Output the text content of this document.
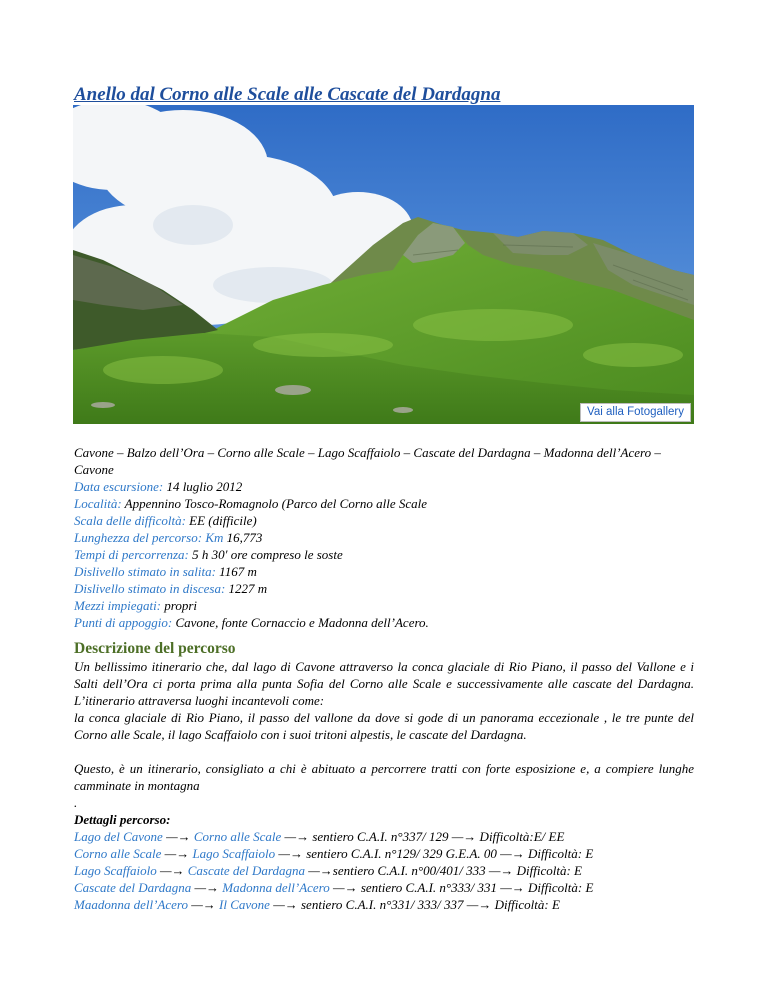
Anello dal Corno alle Scale alle Cascate del Dardagna
Vai alla Fotogallery
Cavone – Balzo dell’Ora – Corno alle Scale – Lago Scaffaiolo – Cascate del Dardagna – Madonna dell’Acero – Cavone
Data escursione: 14 luglio 2012
Località: Appennino Tosco-Romagnolo (Parco del Corno alle Scale
Scala delle difficoltà: EE (difficile)
Lunghezza del percorso: Km 16,773
Tempi di percorrenza: 5 h 30′ ore compreso le soste
Dislivello stimato in salita: 1167 m
Dislivello stimato in discesa: 1227 m
Mezzi impiegati: propri
Punti di appoggio: Cavone, fonte Cornaccio e Madonna dell’Acero.
Descrizione del percorso

Un bellissimo itinerario che, dal lago di Cavone attraverso la conca glaciale di Rio Piano, il passo del Vallone e i Salti dell’Ora ci porta prima alla punta Sofia del Corno alle Scale e successivamente alle cascate del Dardagna. L’itinerario attraversa luoghi incantevoli come:

la conca glaciale di Rio Piano, il passo del vallone da dove si gode di un panorama eccezionale , le tre punte del Corno alle Scale, il lago Scaffaiolo con i suoi tritoni alpestis, le cascate del Dardagna.

Questo, è un itinerario, consigliato a chi è abituato a percorrere tratti con forte esposizione e, a compiere lunghe camminate in montagna

.

Dettagli percorso:

Lago del Cavone —→ Corno alle Scale —→ sentiero C.A.I. n°337/ 129 —→ Difficoltà:E/ EE
Corno alle Scale —→ Lago Scaffaiolo —→ sentiero C.A.I. n°129/ 329 G.E.A. 00 —→ Difficoltà: E
Lago Scaffaiolo —→ Cascate del Dardagna —→sentiero C.A.I. n°00/401/ 333 —→ Difficoltà: E
Cascate del Dardagna —→ Madonna dell’Acero —→ sentiero C.A.I. n°333/ 331 —→ Difficoltà: E
Maadonna dell’Acero —→ Il Cavone —→ sentiero C.A.I. n°331/ 333/ 337 —→ Difficoltà: E
